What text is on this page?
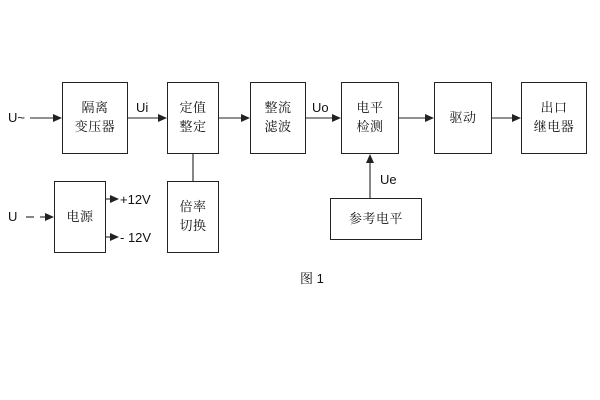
隔离
变压器
定值
整定
整流
滤波
电平
检测
驱动
出口
继电器
电源
倍率
切换	参考电平
U~
Ui	Uo
U
+12V
- 12V
Ue
图 1
